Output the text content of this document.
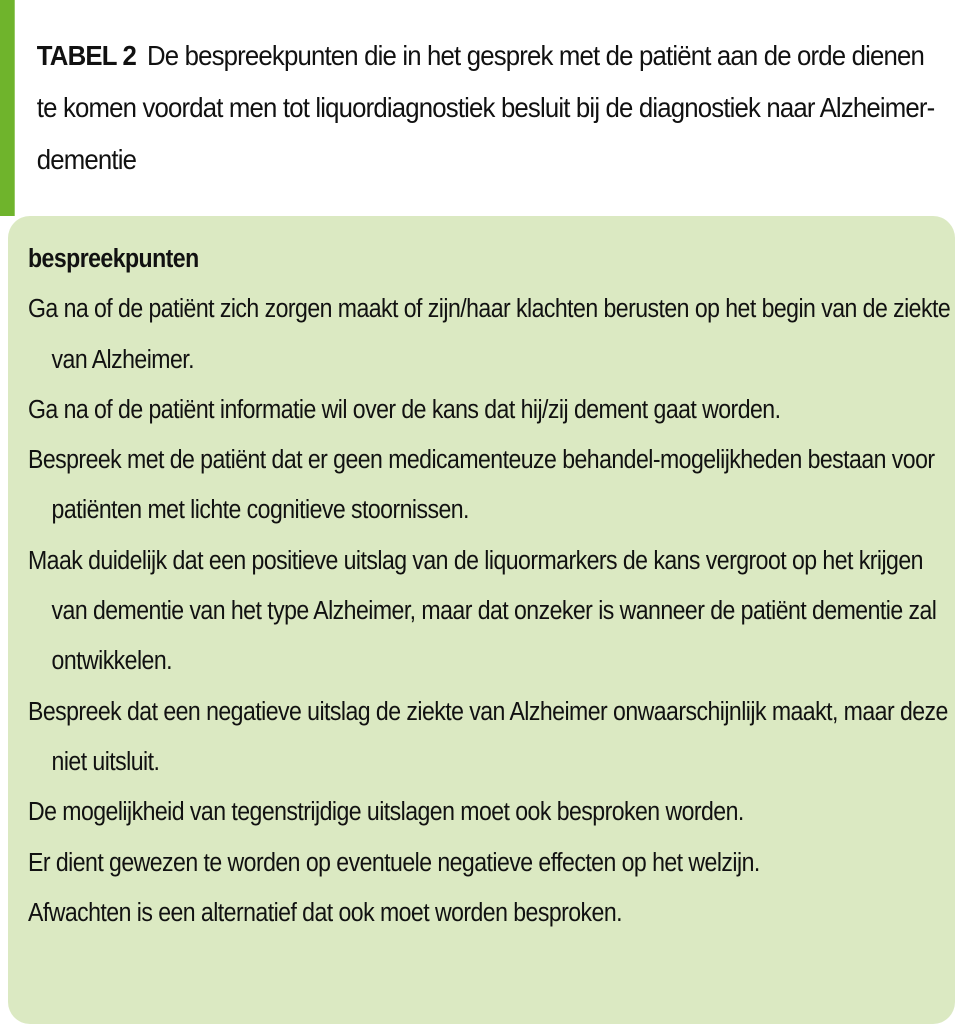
TABEL 2 De bespreekpunten die in het gesprek met de patiënt aan de orde dienen te komen voordat men tot liquordiagnostiek besluit bij de diagnostiek naar Alzheimer-dementie
bespreekpunten
Ga na of de patiënt zich zorgen maakt of zijn/haar klachten berusten op het begin van de ziekte van Alzheimer.
Ga na of de patiënt informatie wil over de kans dat hij/zij dement gaat worden.
Bespreek met de patiënt dat er geen medicamenteuze behandel-mogelijkheden bestaan voor patiënten met lichte cognitieve stoornissen.
Maak duidelijk dat een positieve uitslag van de liquormarkers de kans vergroot op het krijgen van dementie van het type Alzheimer, maar dat onzeker is wanneer de patiënt dementie zal ontwikkelen.
Bespreek dat een negatieve uitslag de ziekte van Alzheimer onwaarschijnlijk maakt, maar deze niet uitsluit.
De mogelijkheid van tegenstrijdige uitslagen moet ook besproken worden.
Er dient gewezen te worden op eventuele negatieve effecten op het welzijn.
Afwachten is een alternatief dat ook moet worden besproken.
